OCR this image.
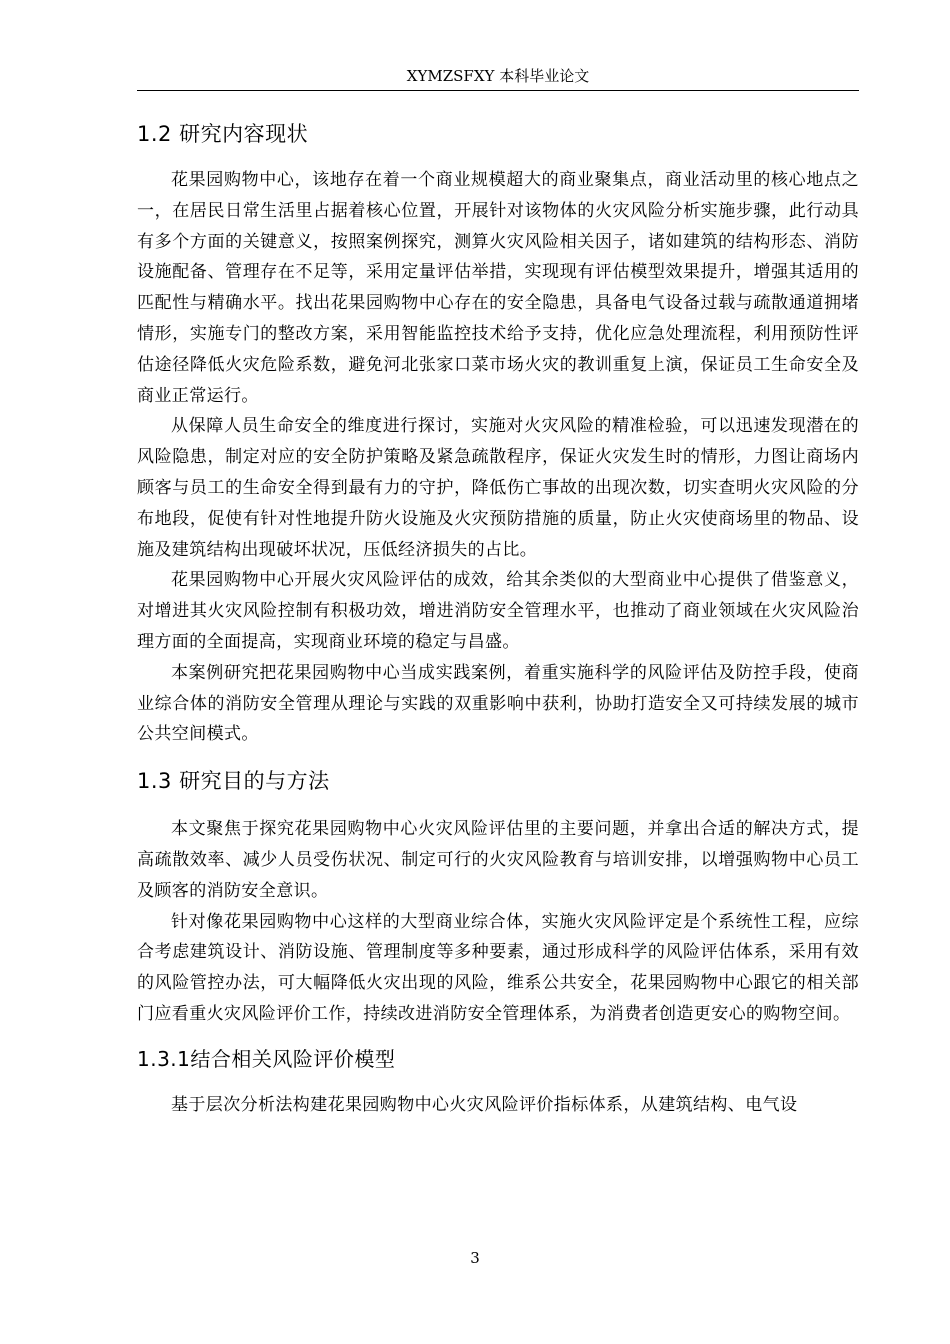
XYMZSFXY 本科毕业论文
1.2 研究内容现状

花果园购物中心，该地存在着一个商业规模超大的商业聚集点，商业活动里的核心地点之一，在居民日常生活里占据着核心位置，开展针对该物体的火灾风险分析实施步骤，此行动具有多个方面的关键意义，按照案例探究，测算火灾风险相关因子，诸如建筑的结构形态、消防设施配备、管理存在不足等，采用定量评估举措，实现现有评估模型效果提升，增强其适用的匹配性与精确水平。找出花果园购物中心存在的安全隐患，具备电气设备过载与疏散通道拥堵情形，实施专门的整改方案，采用智能监控技术给予支持，优化应急处理流程，利用预防性评估途径降低火灾危险系数，避免河北张家口菜市场火灾的教训重复上演，保证员工生命安全及商业正常运行。

从保障人员生命安全的维度进行探讨，实施对火灾风险的精准检验，可以迅速发现潜在的风险隐患，制定对应的安全防护策略及紧急疏散程序，保证火灾发生时的情形，力图让商场内顾客与员工的生命安全得到最有力的守护，降低伤亡事故的出现次数，切实查明火灾风险的分布地段，促使有针对性地提升防火设施及火灾预防措施的质量，防止火灾使商场里的物品、设施及建筑结构出现破坏状况，压低经济损失的占比。

花果园购物中心开展火灾风险评估的成效，给其余类似的大型商业中心提供了借鉴意义，对增进其火灾风险控制有积极功效，增进消防安全管理水平，也推动了商业领域在火灾风险治理方面的全面提高，实现商业环境的稳定与昌盛。

本案例研究把花果园购物中心当成实践案例，着重实施科学的风险评估及防控手段，使商业综合体的消防安全管理从理论与实践的双重影响中获利，协助打造安全又可持续发展的城市公共空间模式。

1.3 研究目的与方法

本文聚焦于探究花果园购物中心火灾风险评估里的主要问题，并拿出合适的解决方式，提高疏散效率、减少人员受伤状况、制定可行的火灾风险教育与培训安排，以增强购物中心员工及顾客的消防安全意识。

针对像花果园购物中心这样的大型商业综合体，实施火灾风险评定是个系统性工程，应综合考虑建筑设计、消防设施、管理制度等多种要素，通过形成科学的风险评估体系，采用有效的风险管控办法，可大幅降低火灾出现的风险，维系公共安全，花果园购物中心跟它的相关部门应看重火灾风险评价工作，持续改进消防安全管理体系，为消费者创造更安心的购物空间。

1.3.1结合相关风险评价模型

基于层次分析法构建花果园购物中心火灾风险评价指标体系，从建筑结构、电气设

3
